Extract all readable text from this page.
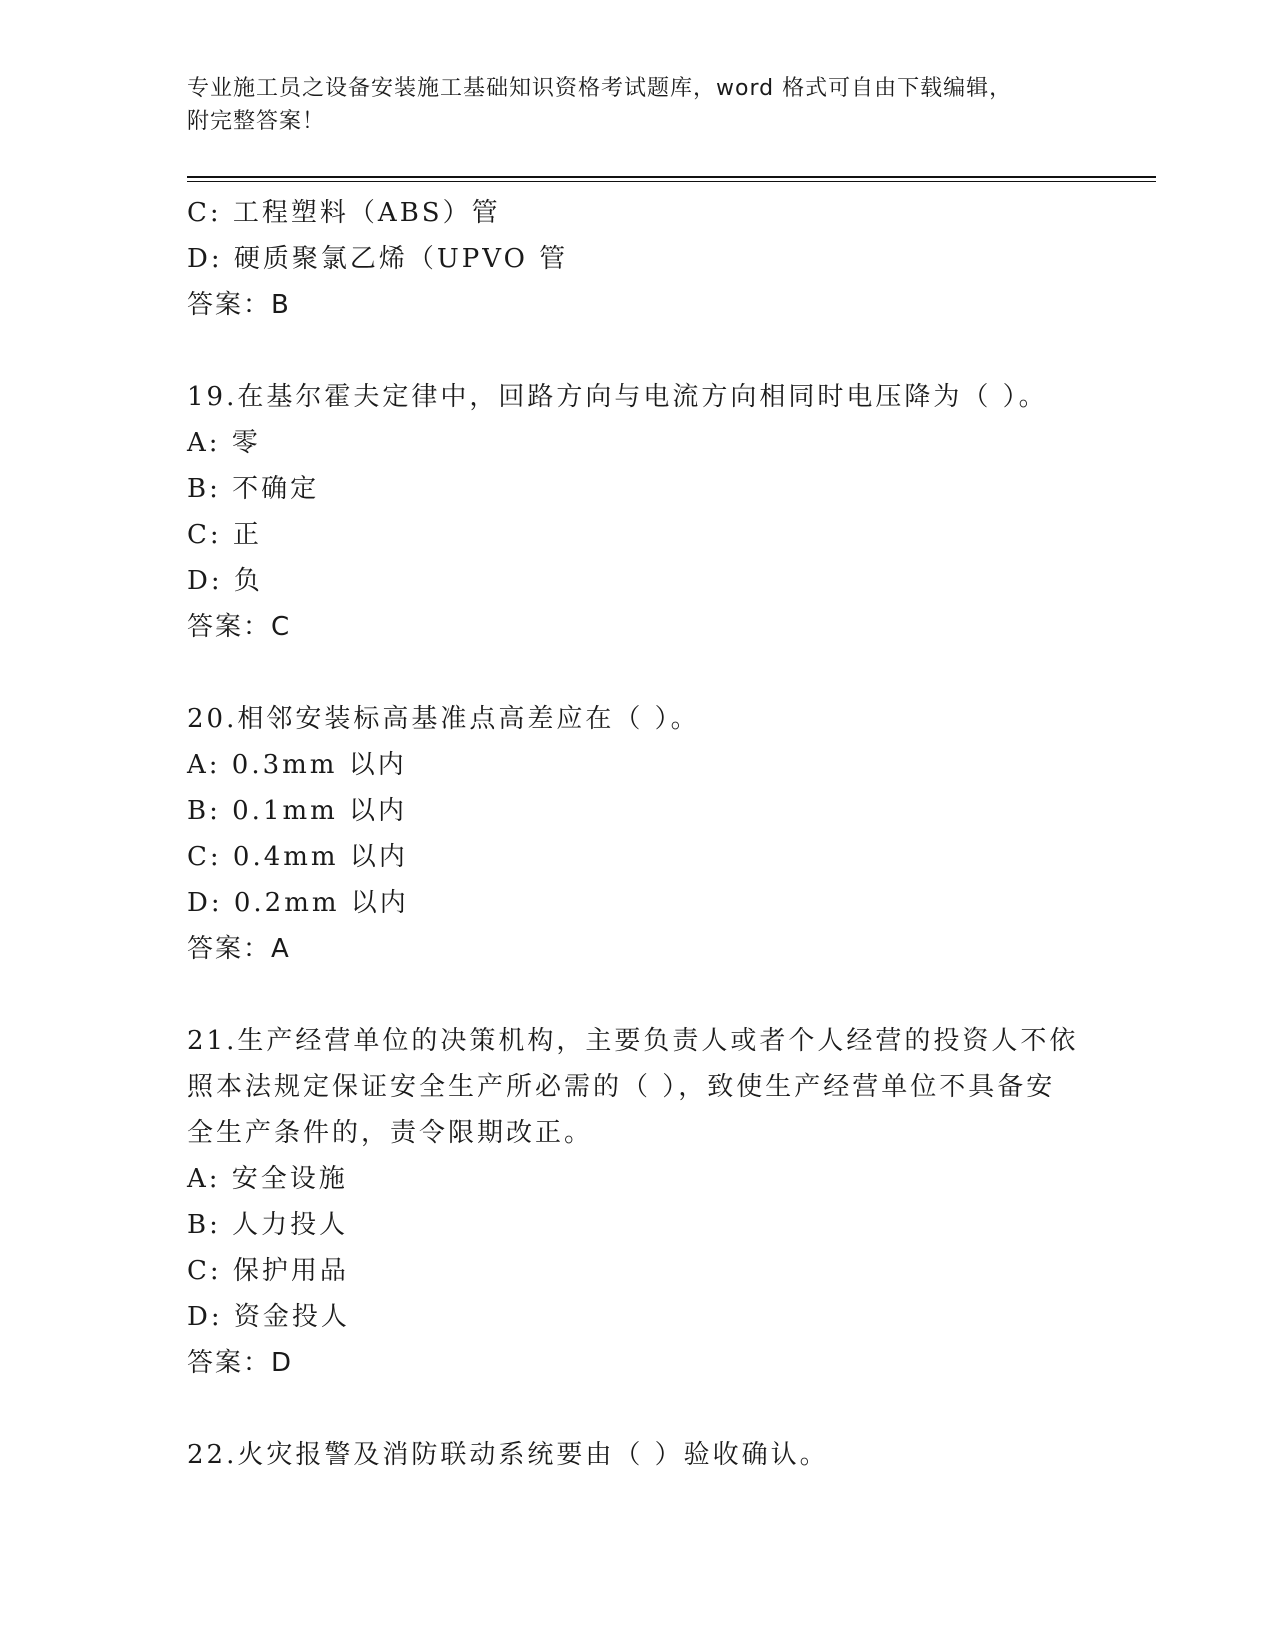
专业施工员之设备安装施工基础知识资格考试题库，word 格式可自由下载编辑，
附完整答案！
C: 工程塑料（ABS）管
D: 硬质聚氯乙烯（UPVO 管
答案：B
19.在基尔霍夫定律中，回路方向与电流方向相同时电压降为（ ）。
A: 零
B: 不确定
C: 正
D: 负
答案：C
20.相邻安装标高基准点高差应在（ ）。
A: 0.3mm 以内
B: 0.1mm 以内
C: 0.4mm 以内
D: 0.2mm 以内
答案：A
21.生产经营单位的决策机构，主要负责人或者个人经营的投资人不依
照本法规定保证安全生产所必需的（ ），致使生产经营单位不具备安
全生产条件的，责令限期改正。
A: 安全设施
B: 人力投人
C: 保护用品
D: 资金投人
答案：D
22.火灾报警及消防联动系统要由（ ）验收确认。
